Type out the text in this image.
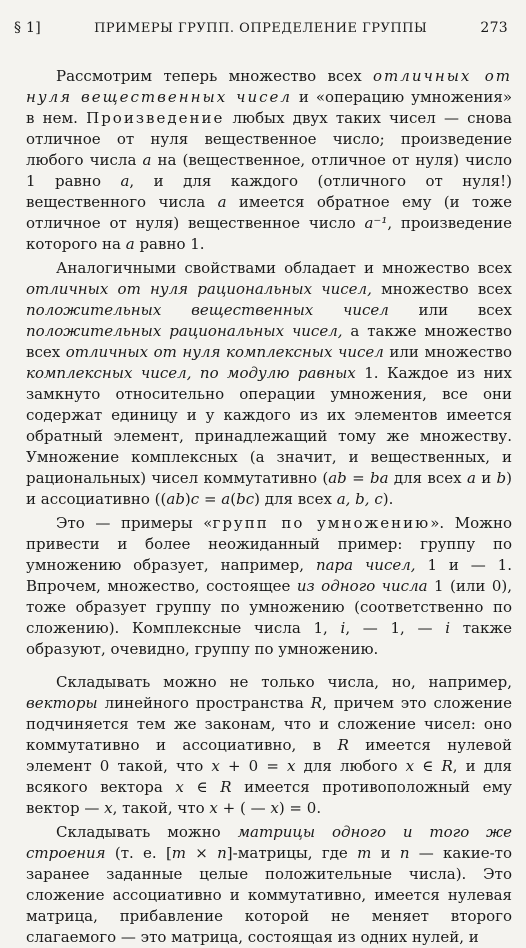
§ 1]	ПРИМЕРЫ ГРУПП. ОПРЕДЕЛЕНИЕ ГРУППЫ	273

Рассмотрим теперь множество всех отличных от нуля вещественных чисел и «операцию умножения» в нем. Произведение любых двух таких чисел — снова отличное от нуля вещественное число; произведение любого числа a на (вещественное, отличное от нуля) число 1 равно a, и для каждого (отличного от нуля!) вещественного числа a имеется обратное ему (и тоже отличное от нуля) вещественное число a⁻¹, произведение которого на a равно 1.

Аналогичными свойствами обладает и множество всех отличных от нуля рациональных чисел, множество всех положительных вещественных чисел или всех положительных рациональных чисел, а также множество всех отличных от нуля комплексных чисел или множество комплексных чисел, по модулю равных 1. Каждое из них замкнуто относительно операции умножения, все они содержат единицу и у каждого из их элементов имеется обратный элемент, принадлежащий тому же множеству. Умножение комплексных (а значит, и вещественных, и рациональных) чисел коммутативно (ab = ba для всех a и b) и ассоциативно ((ab)c = a(bc) для всех a, b, c).

Это — примеры «групп по умножению». Можно привести и более неожиданный пример: группу по умножению образует, например, пара чисел, 1 и — 1. Впрочем, множество, состоящее из одного числа 1 (или 0), тоже образует группу по умножению (соответственно по сложению). Комплексные числа 1, i, — 1, — i также образуют, очевидно, группу по умножению.

Складывать можно не только числа, но, например, векторы линейного пространства R, причем это сложение подчиняется тем же законам, что и сложение чисел: оно коммутативно и ассоциативно, в R имеется нулевой элемент 0 такой, что x + 0 = x для любого x ∈ R, и для всякого вектора x ∈ R имеется противоположный ему вектор — x, такой, что x + ( — x) = 0.

Складывать можно матрицы одного и того же строения (т. е. [m × n]-матрицы, где m и n — какие-то заранее заданные целые положительные числа). Это сложение ассоциативно и коммутативно, имеется нулевая матрица, прибавление которой не меняет второго слагаемого — это матрица, состоящая из одних нулей, и
